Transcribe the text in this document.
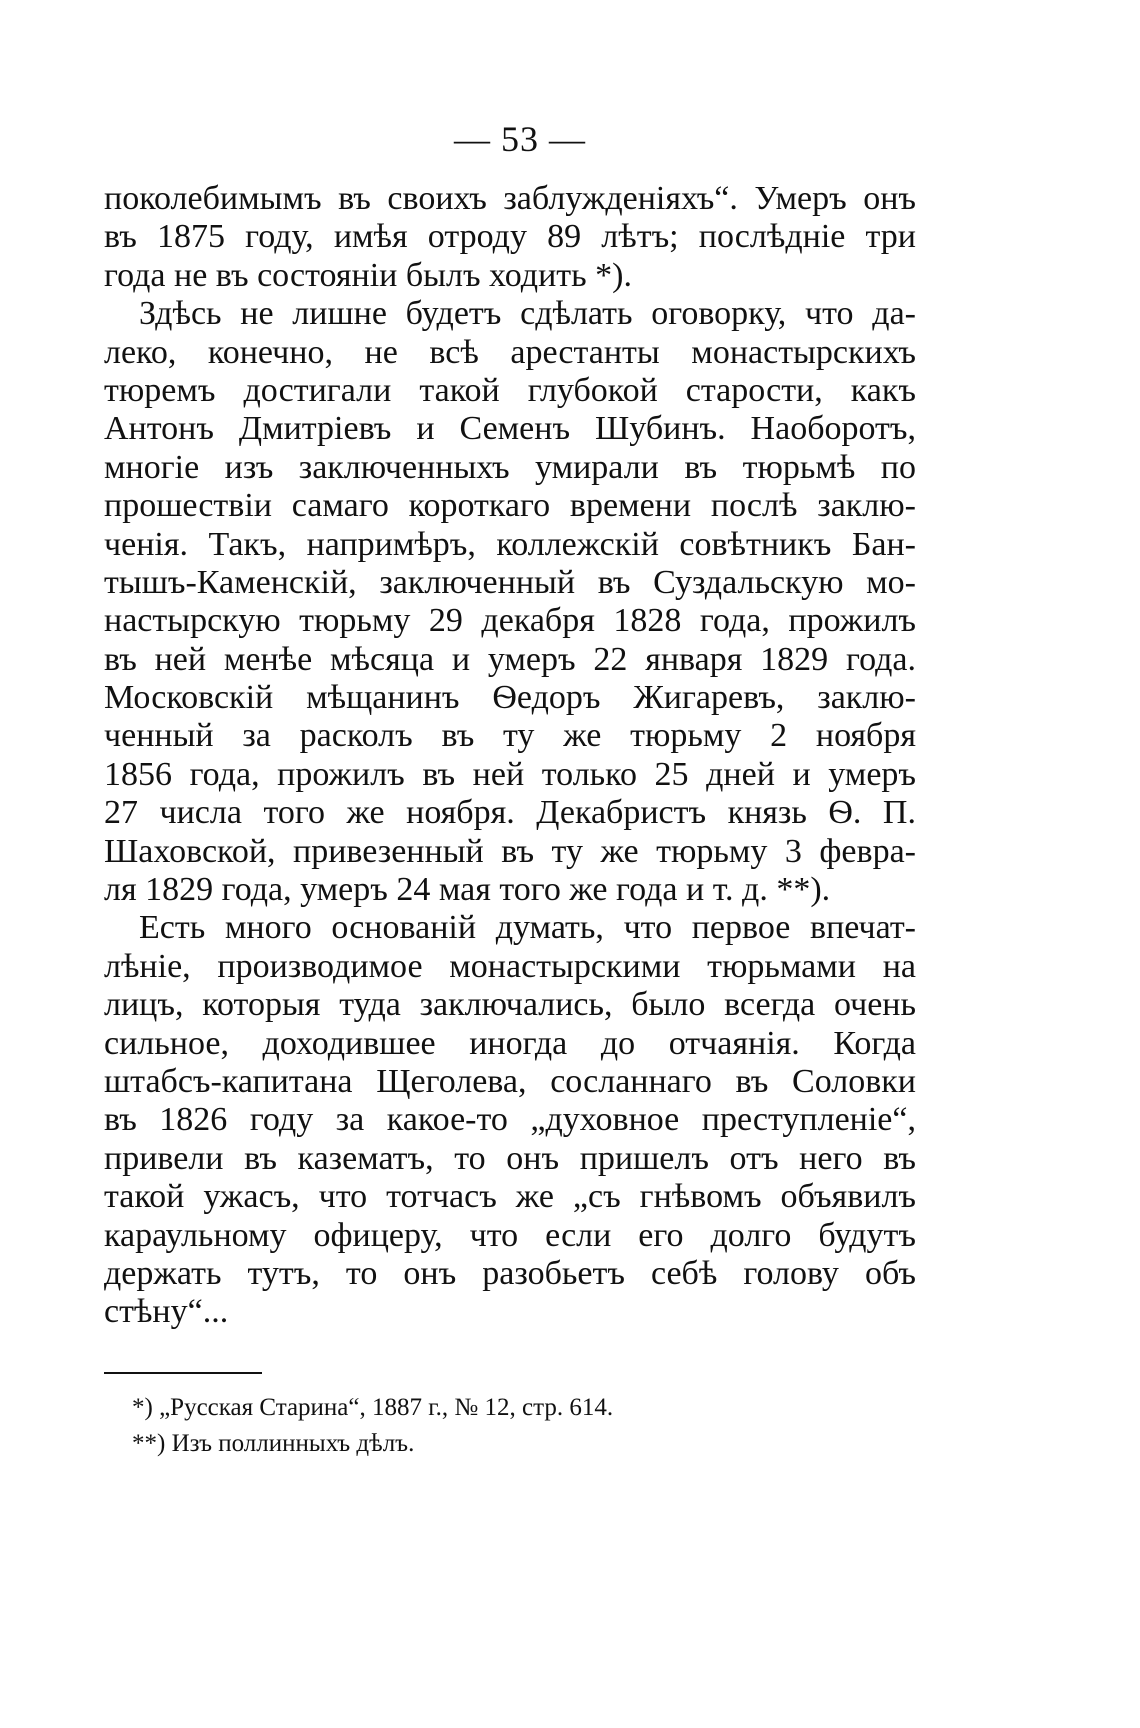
— 53 —
поколебимымъ въ своихъ заблужденіяхъ“. Умеръ онъ
въ 1875 году, имѣя отроду 89 лѣтъ; послѣдніе три
года не въ состояніи былъ ходить *).
Здѣсь не лишне будетъ сдѣлать оговорку, что да-
леко, конечно, не всѣ арестанты монастырскихъ
тюремъ достигали такой глубокой старости, какъ
Антонъ Дмитріевъ и Семенъ Шубинъ. Наоборотъ,
многіе изъ заключенныхъ умирали въ тюрьмѣ по
прошествіи самаго короткаго времени послѣ заклю-
ченія. Такъ, напримѣръ, коллежскій совѣтникъ Бан-
тышъ-Каменскій, заключенный въ Суздальскую мо-
настырскую тюрьму 29 декабря 1828 года, прожилъ
въ ней менѣе мѣсяца и умеръ 22 января 1829 года.
Московскій мѣщанинъ Ѳедоръ Жигаревъ, заклю-
ченный за расколъ въ ту же тюрьму 2 ноября
1856 года, прожилъ въ ней только 25 дней и умеръ
27 числа того же ноября. Декабристъ князь Ѳ. П.
Шаховской, привезенный въ ту же тюрьму 3 февра-
ля 1829 года, умеръ 24 мая того же года и т. д. **).
Есть много основаній думать, что первое впечат-
лѣніе, производимое монастырскими тюрьмами на
лицъ, которыя туда заключались, было всегда очень
сильное, доходившее иногда до отчаянія. Когда
штабсъ-капитана Щеголева, сосланнаго въ Соловки
въ 1826 году за какое-то „духовное преступленіе“,
привели въ казематъ, то онъ пришелъ отъ него въ
такой ужасъ, что тотчасъ же „съ гнѣвомъ объявилъ
караульному офицеру, что если его долго будутъ
держать тутъ, то онъ разобьетъ себѣ голову объ
стѣну“...
*) „Русская Старина“, 1887 г., № 12, стр. 614.
**) Изъ поллинныхъ дѣлъ.
